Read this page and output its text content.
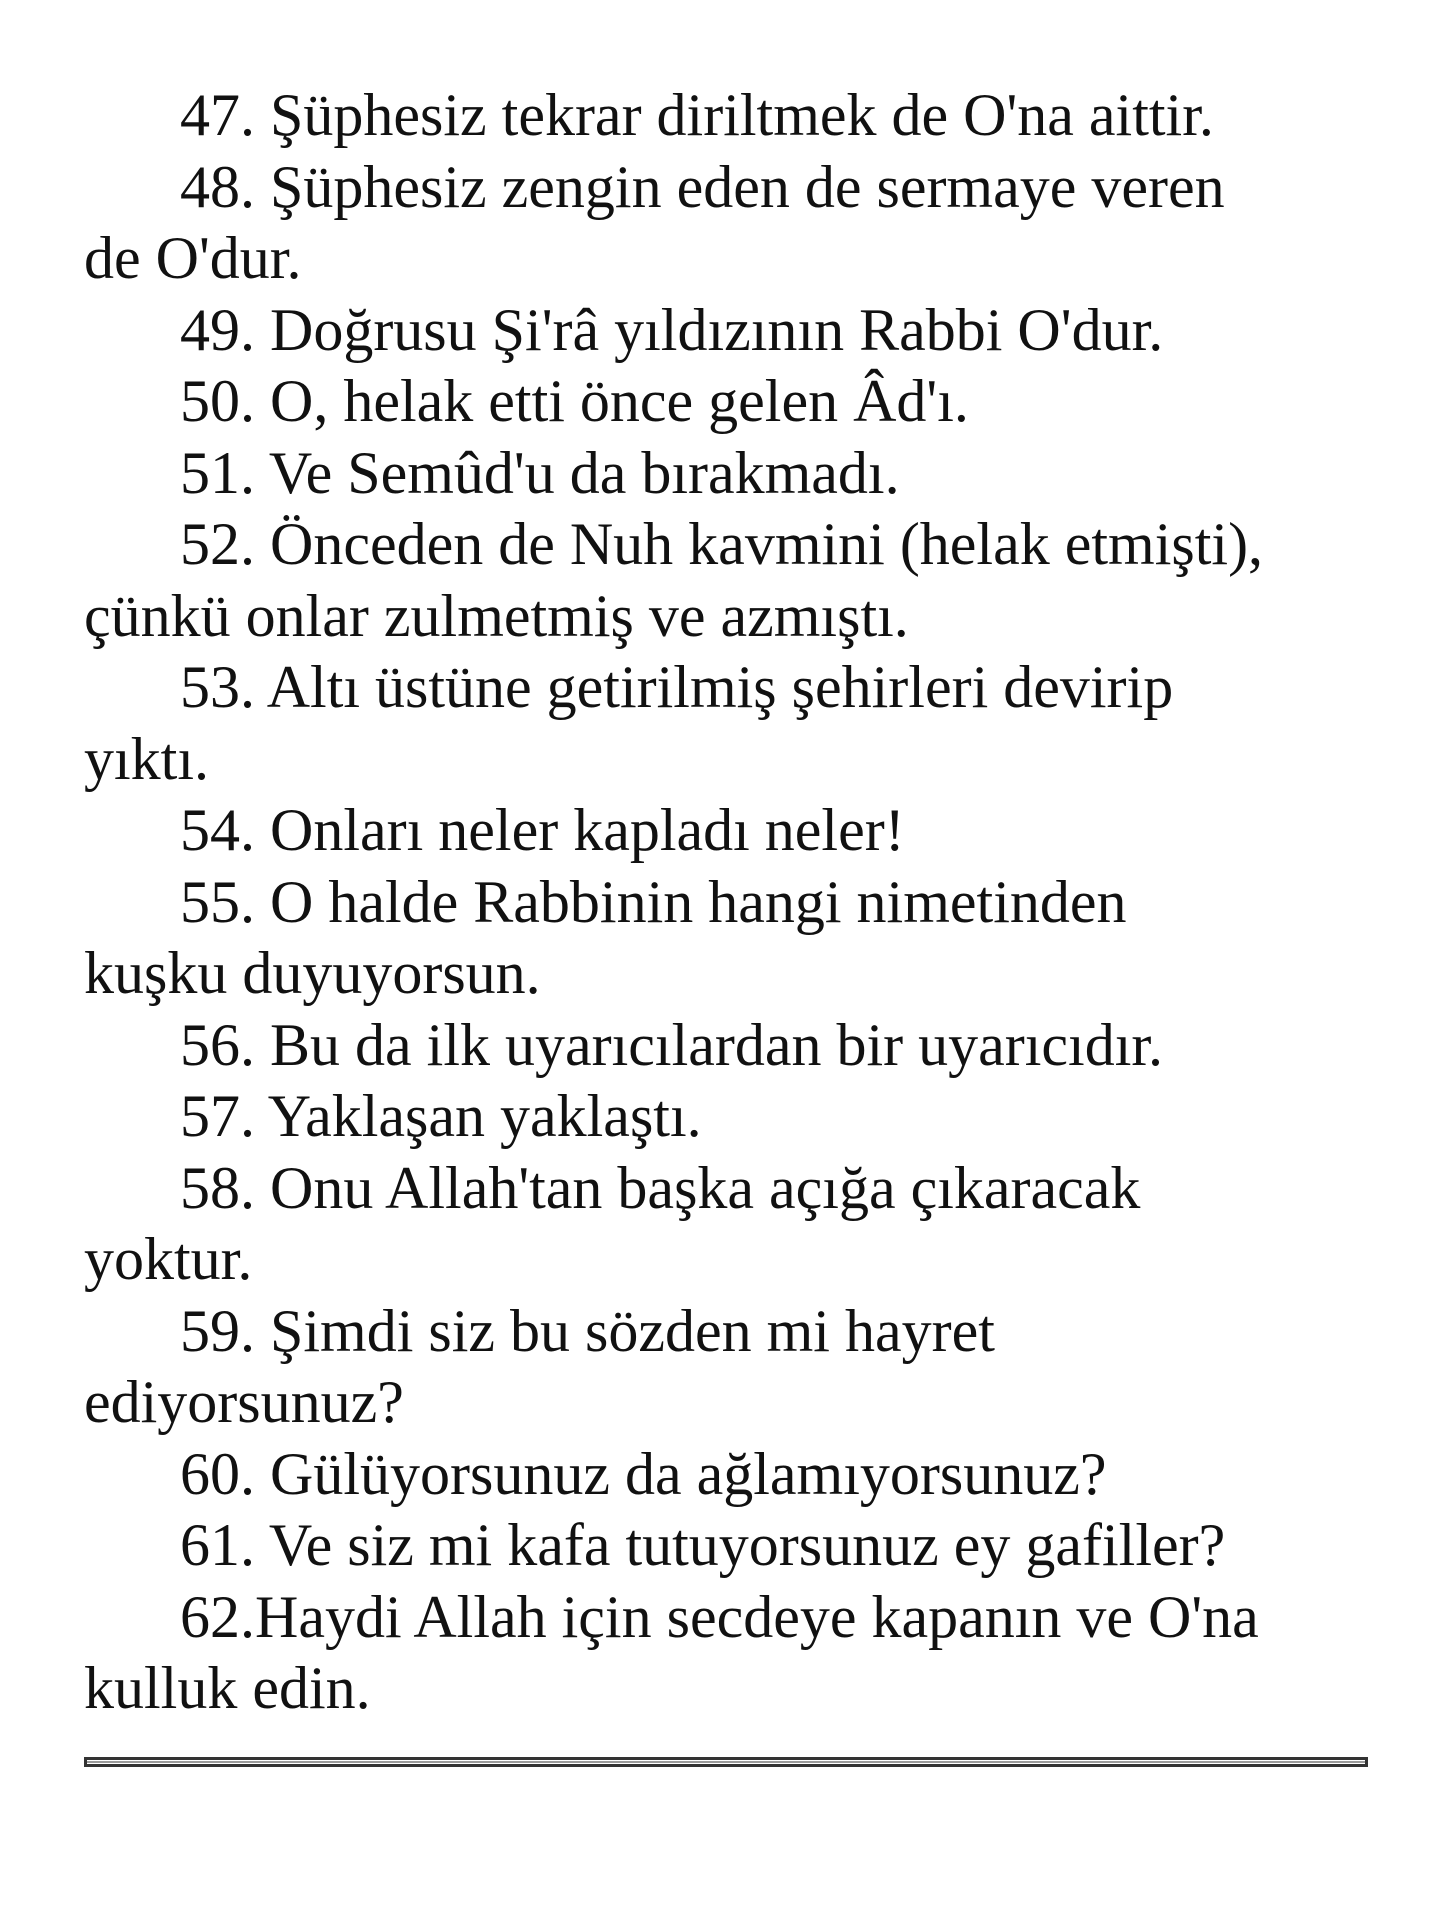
47. Şüphesiz tekrar diriltmek de O'na aittir.

48. Şüphesiz zengin eden de sermaye veren
de O'dur.

49. Doğrusu Şi'râ yıldızının Rabbi O'dur.

50. O, helak etti önce gelen Âd'ı.

51. Ve Semûd'u da bırakmadı.

52. Önceden de Nuh kavmini (helak etmişti),
çünkü onlar zulmetmiş ve azmıştı.

53. Altı üstüne getirilmiş şehirleri devirip
yıktı.

54. Onları neler kapladı neler!

55. O halde Rabbinin hangi nimetinden
kuşku duyuyorsun.

56. Bu da ilk uyarıcılardan bir uyarıcıdır.

57. Yaklaşan yaklaştı.

58. Onu Allah'tan başka açığa çıkaracak
yoktur.

59. Şimdi siz bu sözden mi hayret
ediyorsunuz?

60. Gülüyorsunuz da ağlamıyorsunuz?

61. Ve siz mi kafa tutuyorsunuz ey gafiller?

62.Haydi Allah için secdeye kapanın ve O'na
kulluk edin.
